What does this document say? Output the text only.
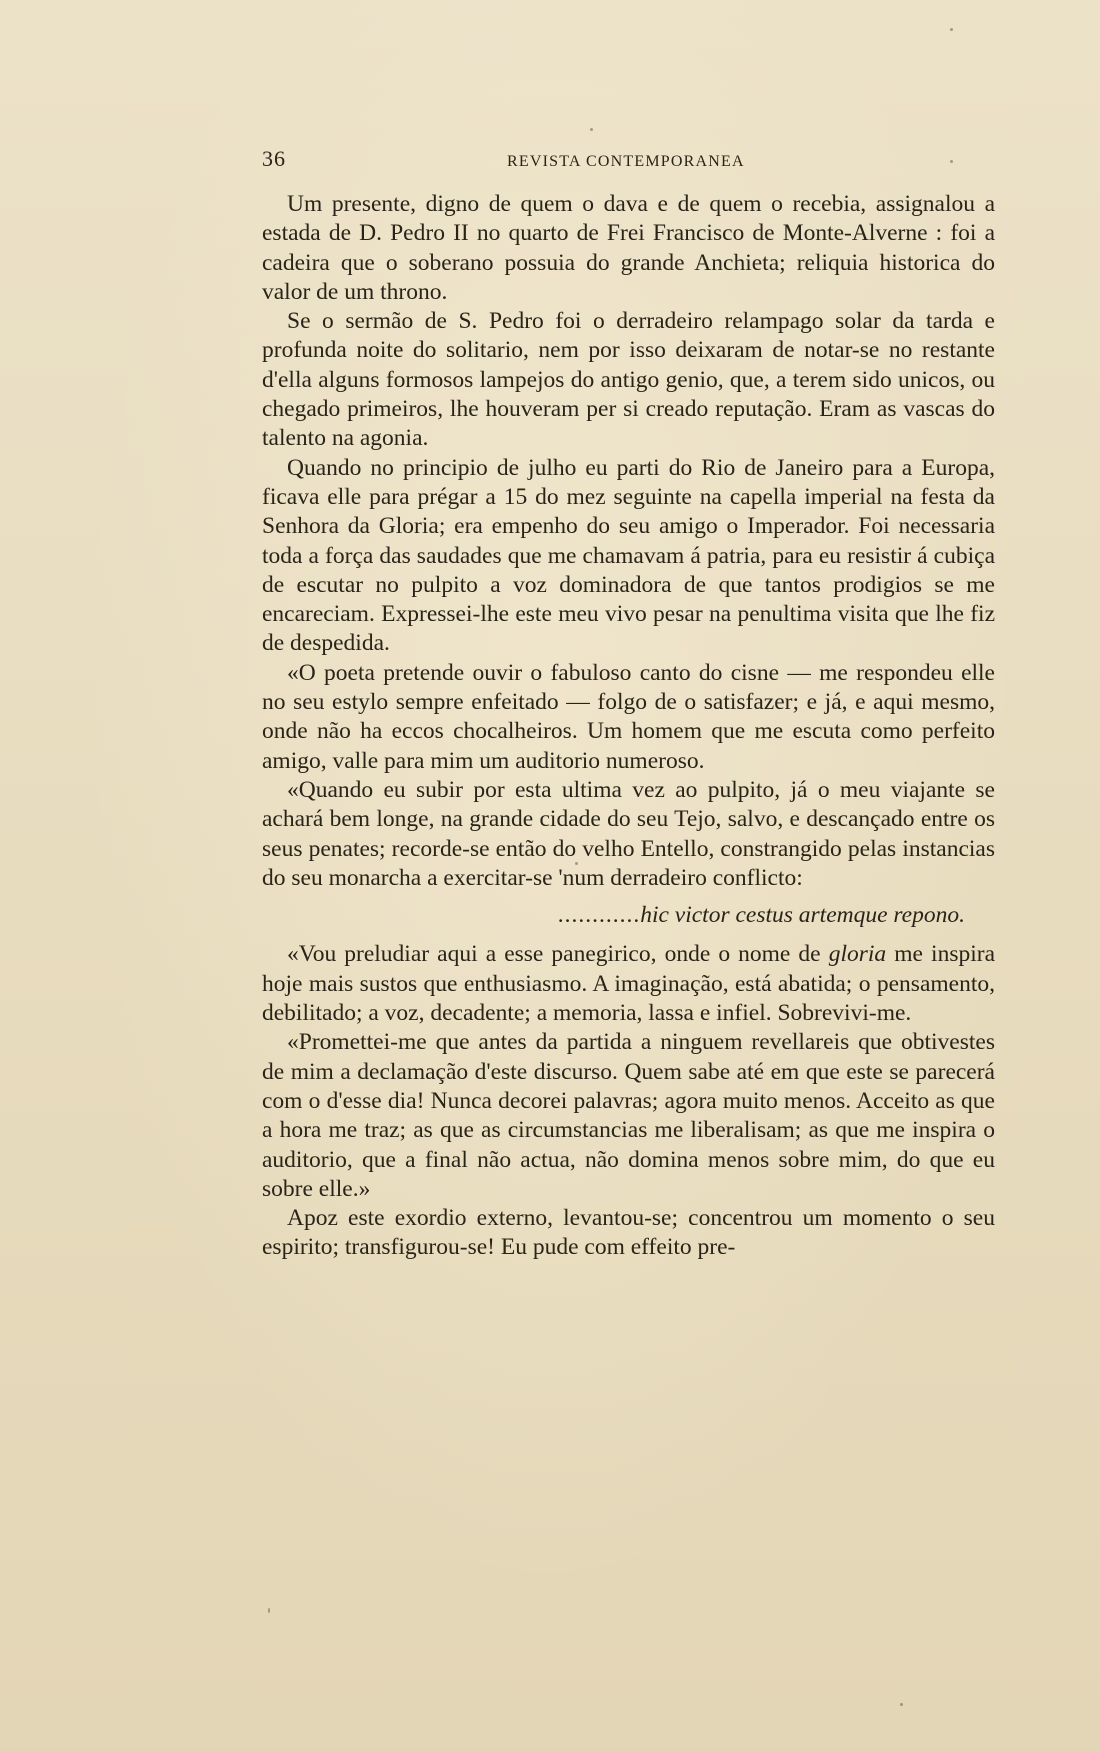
36	REVISTA CONTEMPORANEA

Um presente, digno de quem o dava e de quem o recebia, assignalou a estada de D. Pedro II no quarto de Frei Francisco de Monte-Alverne : foi a cadeira que o soberano possuia do grande Anchieta; reliquia historica do valor de um throno.

Se o sermão de S. Pedro foi o derradeiro relampago solar da tarda e profunda noite do solitario, nem por isso deixaram de notar-se no restante d'ella alguns formosos lampejos do antigo genio, que, a terem sido unicos, ou chegado primeiros, lhe houveram per si creado reputação. Eram as vascas do talento na agonia.

Quando no principio de julho eu parti do Rio de Janeiro para a Europa, ficava elle para prégar a 15 do mez seguinte na capella imperial na festa da Senhora da Gloria; era empenho do seu amigo o Imperador. Foi necessaria toda a força das saudades que me chamavam á patria, para eu resistir á cubiça de escutar no pulpito a voz dominadora de que tantos prodigios se me encareciam. Expressei-lhe este meu vivo pesar na penultima visita que lhe fiz de despedida.

«O poeta pretende ouvir o fabuloso canto do cisne — me respondeu elle no seu estylo sempre enfeitado — folgo de o satisfazer; e já, e aqui mesmo, onde não ha eccos chocalheiros. Um homem que me escuta como perfeito amigo, valle para mim um auditorio numeroso.

«Quando eu subir por esta ultima vez ao pulpito, já o meu viajante se achará bem longe, na grande cidade do seu Tejo, salvo, e descançado entre os seus penates; recorde-se então do velho Entello, constrangido pelas instancias do seu monarcha a exercitar-se 'num derradeiro conflicto:

............hic victor cestus artemque repono.

«Vou preludiar aqui a esse panegirico, onde o nome de gloria me inspira hoje mais sustos que enthusiasmo. A imaginação, está abatida; o pensamento, debilitado; a voz, decadente; a memoria, lassa e infiel. Sobrevivi-me.

«Promettei-me que antes da partida a ninguem revellareis que obtivestes de mim a declamação d'este discurso. Quem sabe até em que este se parecerá com o d'esse dia! Nunca decorei palavras; agora muito menos. Acceito as que a hora me traz; as que as circumstancias me liberalisam; as que me inspira o auditorio, que a final não actua, não domina menos sobre mim, do que eu sobre elle.»

Apoz este exordio externo, levantou-se; concentrou um momento o seu espirito; transfigurou-se! Eu pude com effeito pre-
